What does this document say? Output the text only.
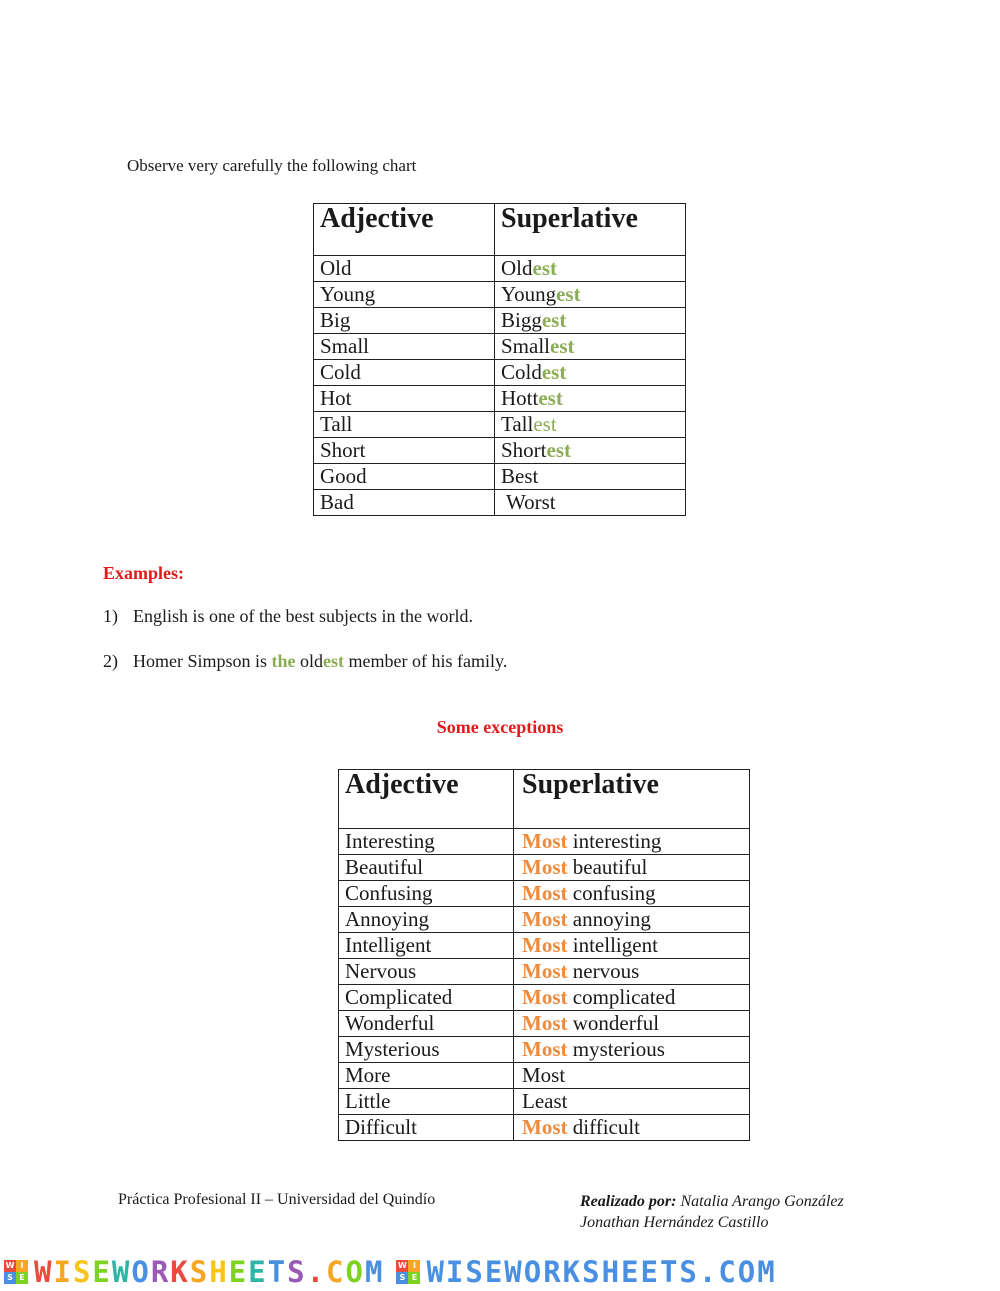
Observe very carefully the following chart
Adjective	Superlative
Old	Oldest
Young	Youngest
Big	Biggest
Small	Smallest
Cold	Coldest
Hot	Hottest
Tall	Tallest
Short	Shortest
Good	Best
Bad	Worst
Examples:
1) English is one of the best subjects in the world.
2) Homer Simpson is the oldest member of his family.
Some exceptions
Adjective	Superlative
Interesting	Most interesting
Beautiful	Most beautiful
Confusing	Most confusing
Annoying	Most annoying
Intelligent	Most intelligent
Nervous	Most nervous
Complicated	Most complicated
Wonderful	Most wonderful
Mysterious	Most mysterious
More	Most
Little	Least
Difficult	Most difficult
Práctica Profesional II – Universidad del Quindío	Realizado por: Natalia Arango González
Jonathan Hernández Castillo
W I
S E WISEWORKSHEETS.COM W I
S E WISEWORKSHEETS.COM
